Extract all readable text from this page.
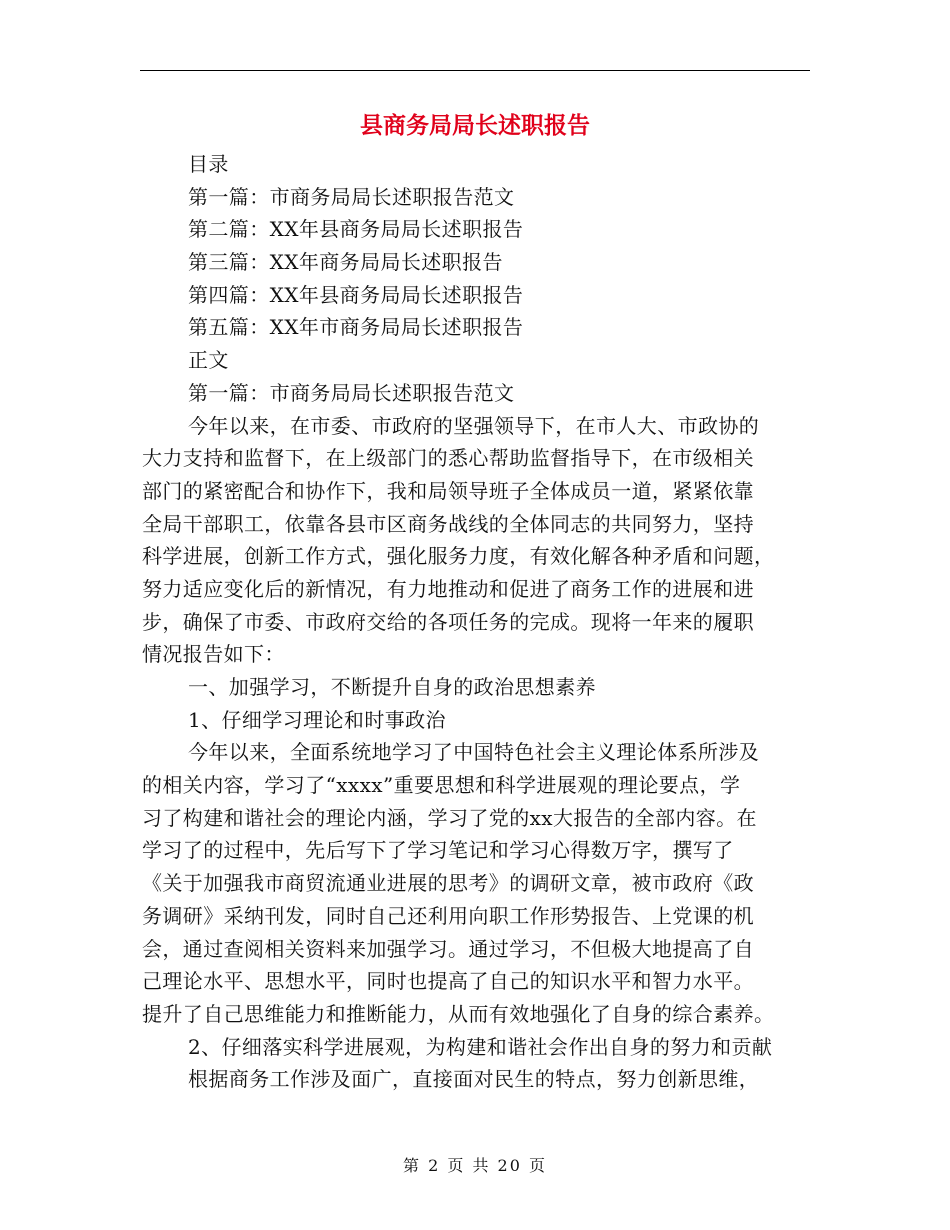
县商务局局长述职报告
目录
第一篇：市商务局局长述职报告范文
第二篇：XX年县商务局局长述职报告
第三篇：XX年商务局局长述职报告
第四篇：XX年县商务局局长述职报告
第五篇：XX年市商务局局长述职报告
正文
第一篇：市商务局局长述职报告范文
今年以来，在市委、市政府的坚强领导下，在市人大、市政协的
大力支持和监督下，在上级部门的悉心帮助监督指导下，在市级相关
部门的紧密配合和协作下，我和局领导班子全体成员一道，紧紧依靠
全局干部职工，依靠各县市区商务战线的全体同志的共同努力，坚持
科学进展，创新工作方式，强化服务力度，有效化解各种矛盾和问题，
努力适应变化后的新情况，有力地推动和促进了商务工作的进展和进
步，确保了市委、市政府交给的各项任务的完成。现将一年来的履职
情况报告如下：
一、加强学习，不断提升自身的政治思想素养
1、仔细学习理论和时事政治
今年以来，全面系统地学习了中国特色社会主义理论体系所涉及
的相关内容，学习了“xxxx”重要思想和科学进展观的理论要点，学
习了构建和谐社会的理论内涵，学习了党的xx大报告的全部内容。在
学习了的过程中，先后写下了学习笔记和学习心得数万字，撰写了
《关于加强我市商贸流通业进展的思考》的调研文章，被市政府《政
务调研》采纳刊发，同时自己还利用向职工作形势报告、上党课的机
会，通过查阅相关资料来加强学习。通过学习，不但极大地提高了自
己理论水平、思想水平，同时也提高了自己的知识水平和智力水平。
提升了自己思维能力和推断能力，从而有效地强化了自身的综合素养。
2、仔细落实科学进展观，为构建和谐社会作出自身的努力和贡献
根据商务工作涉及面广，直接面对民生的特点，努力创新思维，
第 2 页 共 20 页
